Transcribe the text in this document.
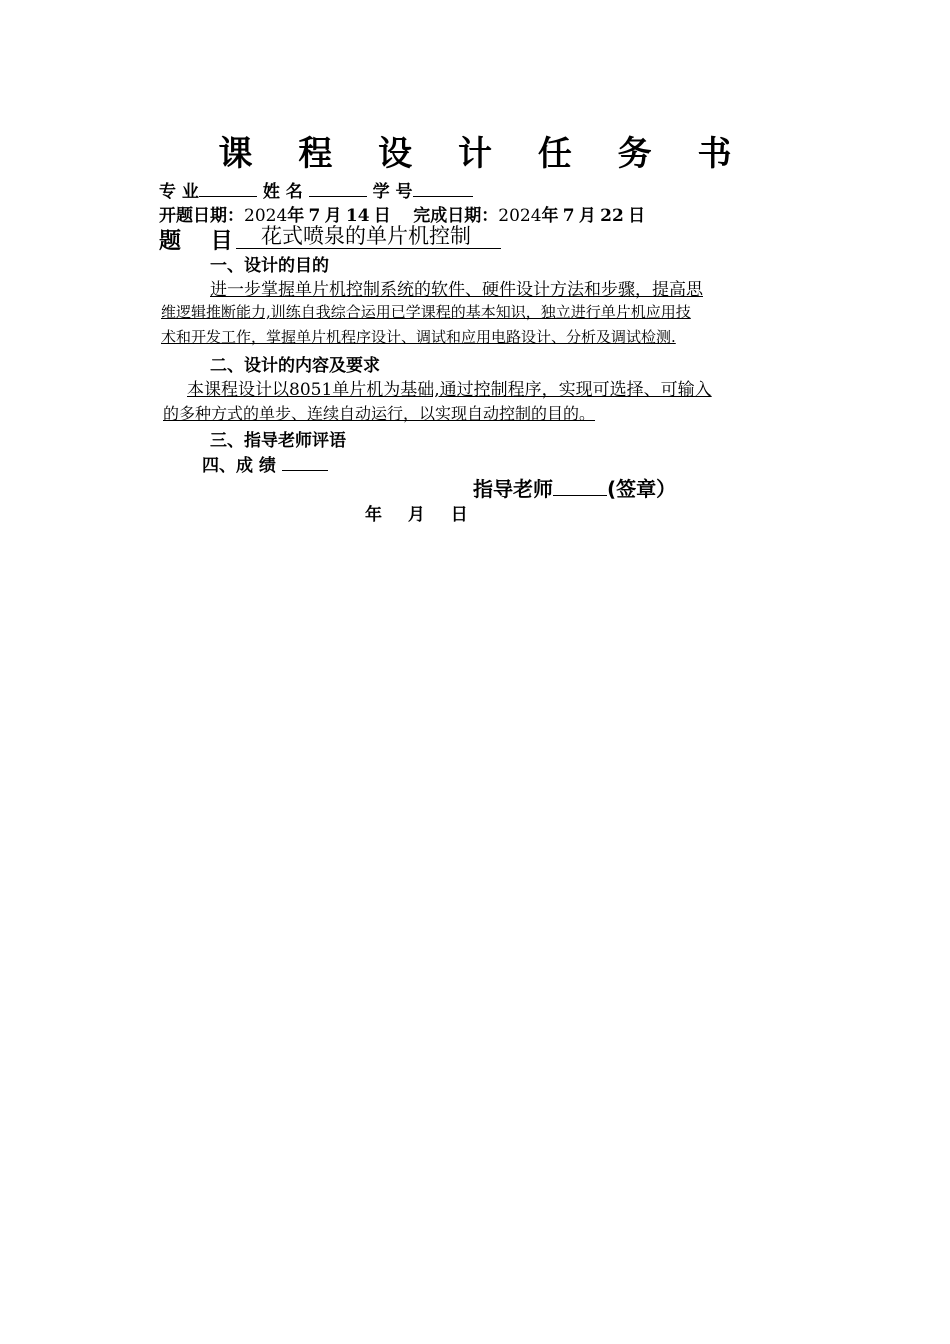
课 程 设 计 任 务 书
专 业	姓 名	学 号
开题日期：2024年 7 月 14 日 完成日期：2024年 7 月 22 日
题　 目	花式喷泉的单片机控制
一、设计的目的
进一步掌握单片机控制系统的软件、硬件设计方法和步骤，提高思
维逻辑推断能力,训练自我综合运用已学课程的基本知识，独立进行单片机应用技
术和开发工作，掌握单片机程序设计、调试和应用电路设计、分析及调试检测.
二、设计的内容及要求
本课程设计以8051单片机为基础,通过控制程序，实现可选择、可输入
的多种方式的单步、连续自动运行，以实现自动控制的目的。
三、指导老师评语
四、成 绩
指导老师	(签章）
年 月 日
